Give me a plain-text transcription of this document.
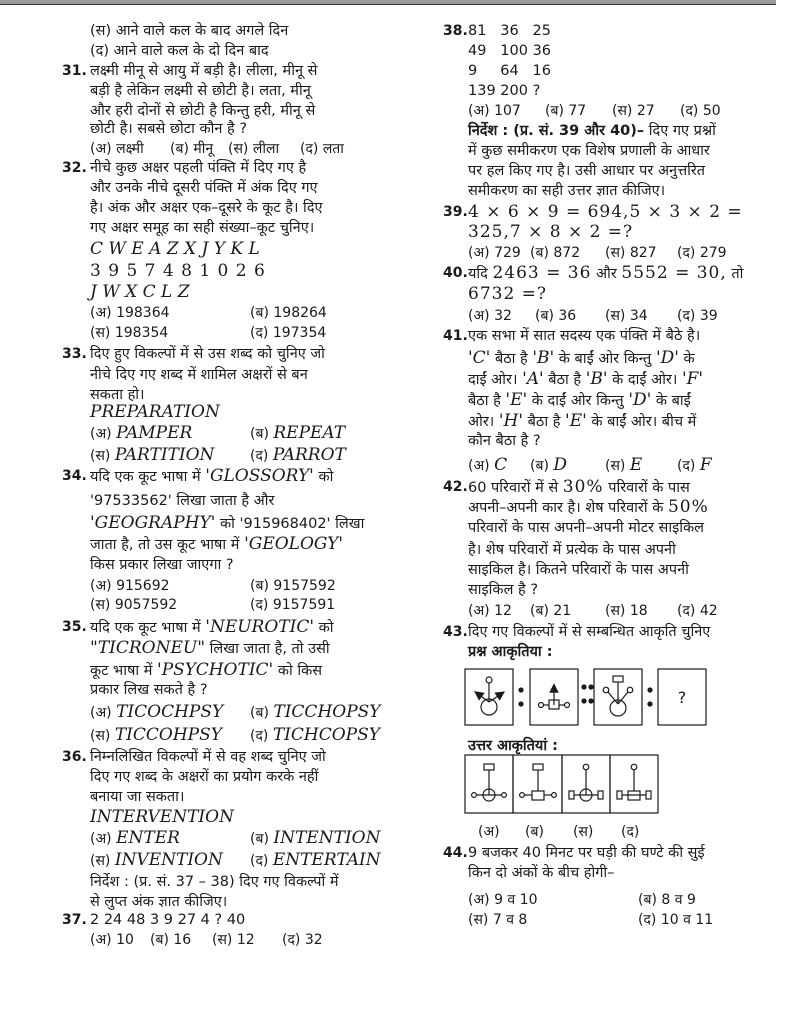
(स) आने वाले कल के बाद अगले दिन
(द) आने वाले कल के दो दिन बाद
31. लक्ष्मी मीनू से आयु में बड़ी है। लीला, मीनू से
बड़ी है लेकिन लक्ष्मी से छोटी है। लता, मीनू
और हरी दोनों से छोटी है किन्तु हरी, मीनू से
छोटी है। सबसे छोटा कौन है ?
(अ) लक्ष्मी (ब) मीनू (स) लीला (द) लता
32. नीचे कुछ अक्षर पहली पंक्ति में दिए गए है
और उनके नीचे दूसरी पंक्ति में अंक दिए गए
है। अंक और अक्षर एक–दूसरे के कूट है। दिए
गए अक्षर समूह का सही संख्या–कूट चुनिए।
C W E A Z X J Y K L
3 9 5 7 4 8 1 0 2 6
J W X C L Z
(अ) 198364	(ब) 198264
(स) 198354	(द) 197354
33. दिए हुए विकल्पों में से उस शब्द को चुनिए जो
नीचे दिए गए शब्द में शामिल अक्षरों से बन
सकता हो।
PREPARATION
(अ) PAMPER	(ब) REPEAT
(स) PARTITION	(द) PARROT
34. यदि एक कूट भाषा में 'GLOSSORY' को
'97533562' लिखा जाता है और
'GEOGRAPHY' को '915968402' लिखा
जाता है, तो उस कूट भाषा में 'GEOLOGY'
किस प्रकार लिखा जाएगा ?
(अ) 915692	(ब) 9157592
(स) 9057592	(द) 9157591
35. यदि एक कूट भाषा में 'NEUROTIC' को
"TICRONEU" लिखा जाता है, तो उसी
कूट भाषा में 'PSYCHOTIC' को किस
प्रकार लिख सकते है ?
(अ) TICOCHPSY (ब) TICCHOPSY
(स) TICCOHPSY (द) TICHCOPSY
36. निम्नलिखित विकल्पों में से वह शब्द चुनिए जो
दिए गए शब्द के अक्षरों का प्रयोग करके नहीं
बनाया जा सकता।
INTERVENTION
(अ) ENTER	(ब) INTENTION
(स) INVENTION (द) ENTERTAIN
निर्देश : (प्र. सं. 37 – 38) दिए गए विकल्पों में
से लुप्त अंक ज्ञात कीजिए।
37. 2 24 48 3 9 27 4 ? 40
(अ) 10 (ब) 16 (स) 12 (द) 32
38. 81   36   25
49   100 36
9     64   16
139 200 ?
(अ) 107 (ब) 77 (स) 27 (द) 50
निर्देश : (प्र. सं. 39 और 40)– दिए गए प्रश्नों
में कुछ समीकरण एक विशेष प्रणाली के आधार
पर हल किए गए है। उसी आधार पर अनुत्तरित
समीकरण का सही उत्तर ज्ञात कीजिए।
39. 4 × 6 × 9 = 694,5 × 3 × 2 =
325,7 × 8 × 2 =?
(अ) 729 (ब) 872 (स) 827 (द) 279
40. यदि 2463 = 36 और 5552 = 30, तो
6732 =?
(अ) 32 (ब) 36 (स) 34 (द) 39
41. एक सभा में सात सदस्य एक पंक्ति में बैठे है।
'C' बैठा है 'B' के बाईं ओर किन्तु 'D' के
दाईं ओर। 'A' बैठा है 'B' के दाईं ओर। 'F'
बैठा है 'E' के दाईं ओर किन्तु 'D' के बाईं
ओर। 'H' बैठा है 'E' के बाईं ओर। बीच में
कौन बैठा है ?
(अ) C (ब) D	(स) E (द) F
42. 60 परिवारों में से 30% परिवारों के पास
अपनी–अपनी कार है। शेष परिवारों के 50%
परिवारों के पास अपनी–अपनी मोटर साइकिल
है। शेष परिवारों में प्रत्येक के पास अपनी
साइकिल है। कितने परिवारों के पास अपनी
साइकिल है ?
(अ) 12 (ब) 21 (स) 18 (द) 42
43. दिए गए विकल्पों में से सम्बन्धित आकृति चुनिए
प्रश्न आकृतिया :
उत्तर आकृतियां :
(अ) (ब) (स) (द)
44. 9 बजकर 40 मिनट पर घड़ी की घण्टे की सुई
किन दो अंकों के बीच होगी–
(अ) 9 व 10	(ब) 8 व 9
(स) 7 व 8	(द) 10 व 11
?
